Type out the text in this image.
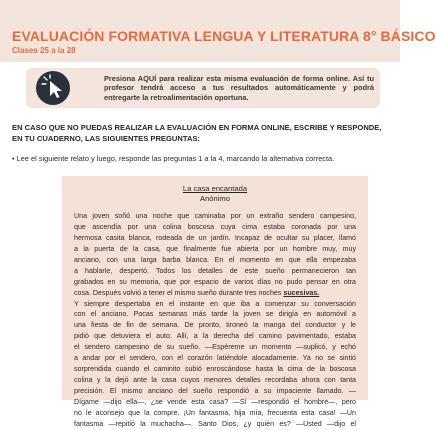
EVALUACIÓN FORMATIVA LENGUA Y LITERATURA 8° BÁSICO
Clases 25 a la 28
Presiona AQUÍ para realizar esta misma evaluación de forma online. Así tu profesor tendrá acceso a tus resultados automáticamente y podrá entregarte la retroalimentación oportuna.
EN CASO QUE NO PUEDAS REALIZAR LA EVALUACIÓN EN FORMA ONLINE, ESCRIBE Y RESPONDE, EN TU CUADERNO, LAS SIGUIENTES PREGUNTAS:
• Lee el siguiente relato y luego, responde las preguntas 1 a la 4, marcando la alternativa correcta.
La casa encantada
Anónimo
Una joven soñó una noche que caminaba por un extraño sendero campesino,
que ascendía por una colina boscosa cuya cima estaba coronada por una
hermosa casita blanca, rodeada de un jardín. Incapaz de ocultar su placer, llamó
a la puerta de la casa, que finalmente fue abierta por un hombre muy, muy
anciano, con una larga barba blanca. En el momento en que ella empezaba
a hablarle, despertó. Todos los detalles de este sueño permanecieron tan
grabados en su memoria, que por espacio de varios días no pudo pensar en otra
cosa. Después volvió a tener el mismo sueño durante tres noches sucesivas.
Y siempre despertaba en el instante en que iba a comenzar su conversación
con el anciano. Pocas semanas más tarde la joven se dirigía en automóvil a
una fiesta de fin de semana. De pronto, tironeó la manga del conductor y le
pidió que detuviera el auto. Allí, a la derecha del camino pavimentado, estaba
el sendero campesino de su sueño. —Espéreme un momento —suplicó, y echó
a andar por el sendero, con el corazón latiéndole alocadamente. Ya no se sintió
sorprendida cuando el caminito subió enroscándose hasta la cima de la boscosa
colina y la dejó ante la casa cuyos menores detalles recordaba ahora con tanta
precisión. El mismo anciano del sueño respondió a su impaciente llamado. —
Dígame —dijo ella—, ¿se vende esta casa? —Sí —respondió el hombre—, pero
no le aconsejo que la compre. ¡Un fantasma, hija mía, frecuenta esta casa! —Un
fantasma —repitió la muchacha—. Santo Dios, ¿y quién es? —Usted —dijo el
